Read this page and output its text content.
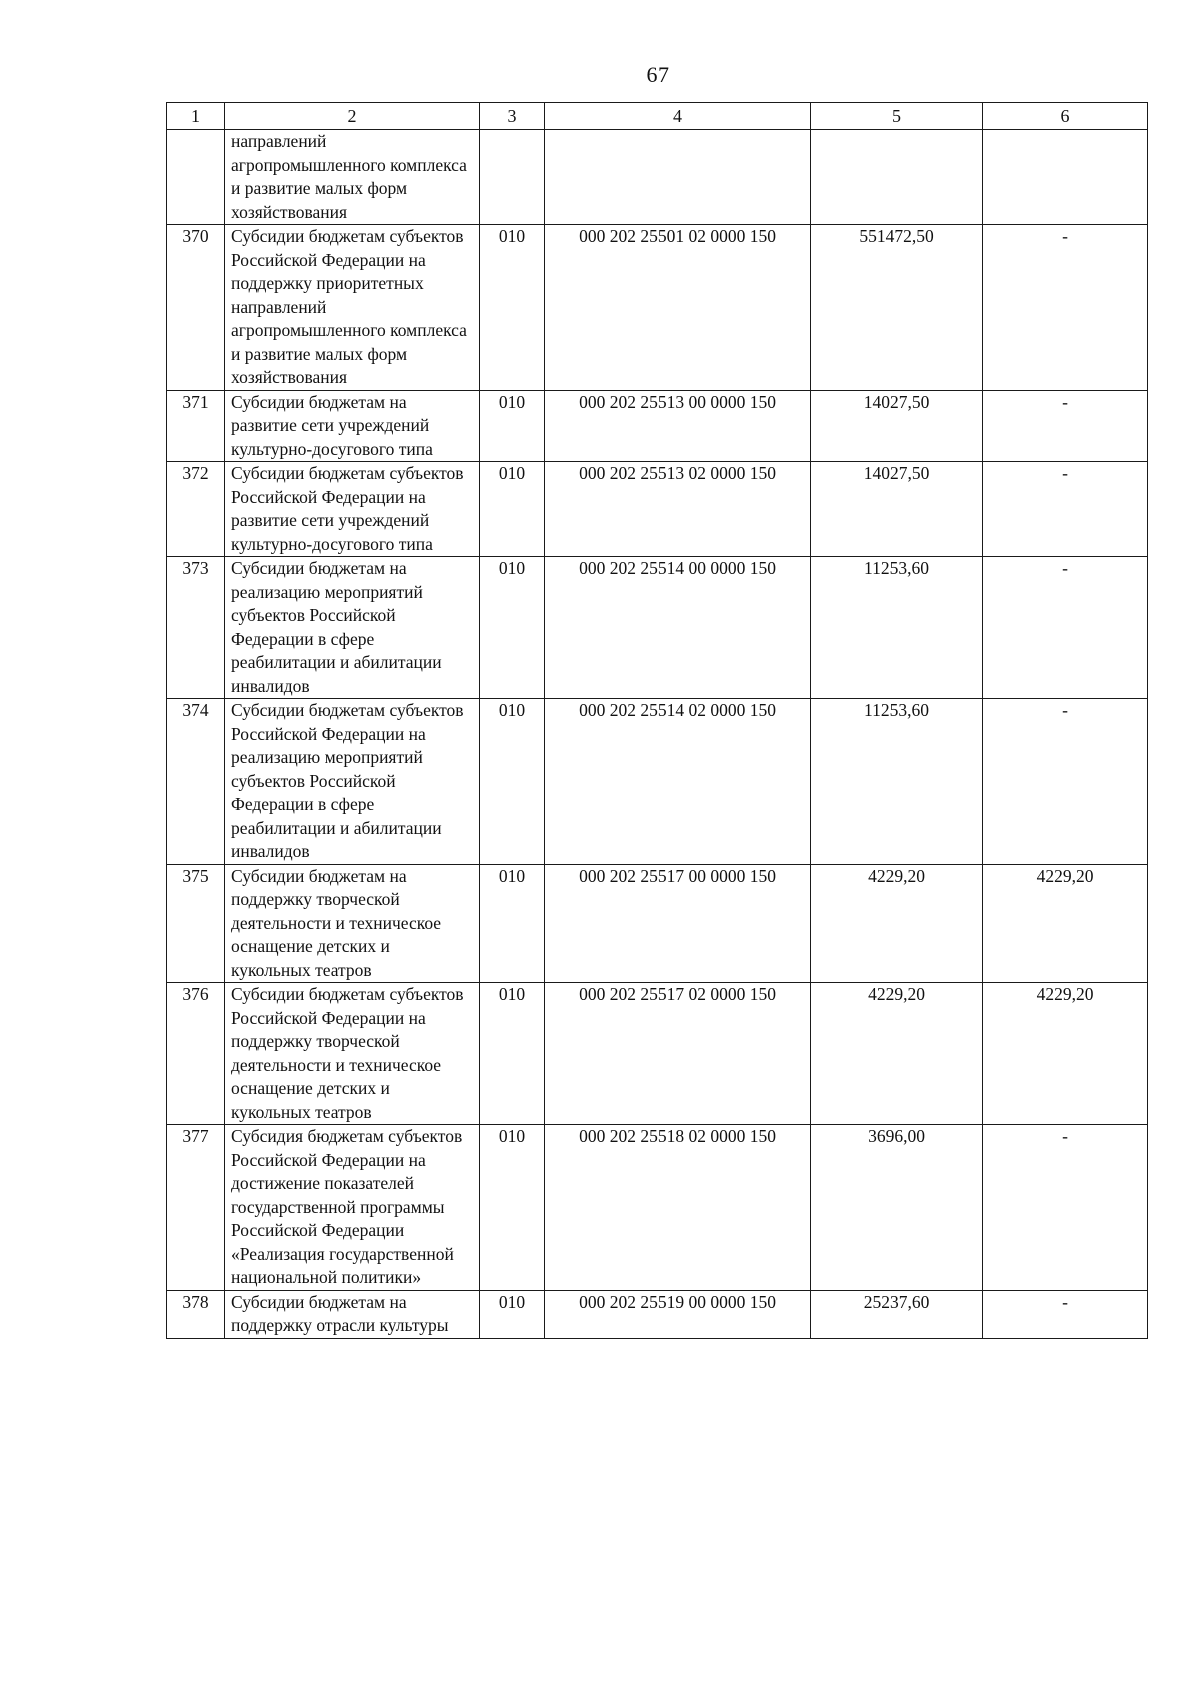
67
1	2	3	4	5	6
	направлений агропромышленного комплекса и развитие малых форм хозяйствования				
370	Субсидии бюджетам субъектов Российской Федерации на поддержку приоритетных направлений агропромышленного комплекса и развитие малых форм хозяйствования	010	000 202 25501 02 0000 150	551472,50	-
371	Субсидии бюджетам на развитие сети учреждений культурно-досугового типа	010	000 202 25513 00 0000 150	14027,50	-
372	Субсидии бюджетам субъектов Российской Федерации на развитие сети учреждений культурно-досугового типа	010	000 202 25513 02 0000 150	14027,50	-
373	Субсидии бюджетам на реализацию мероприятий субъектов Российской Федерации в сфере реабилитации и абилитации инвалидов	010	000 202 25514 00 0000 150	11253,60	-
374	Субсидии бюджетам субъектов Российской Федерации на реализацию мероприятий субъектов Российской Федерации в сфере реабилитации и абилитации инвалидов	010	000 202 25514 02 0000 150	11253,60	-
375	Субсидии бюджетам на поддержку творческой деятельности и техническое оснащение детских и кукольных театров	010	000 202 25517 00 0000 150	4229,20	4229,20
376	Субсидии бюджетам субъектов Российской Федерации на поддержку творческой деятельности и техническое оснащение детских и кукольных театров	010	000 202 25517 02 0000 150	4229,20	4229,20
377	Субсидия бюджетам субъектов Российской Федерации на достижение показателей государственной программы Российской Федерации «Реализация государственной национальной политики»	010	000 202 25518 02 0000 150	3696,00	-
378	Субсидии бюджетам на поддержку отрасли культуры	010	000 202 25519 00 0000 150	25237,60	-
